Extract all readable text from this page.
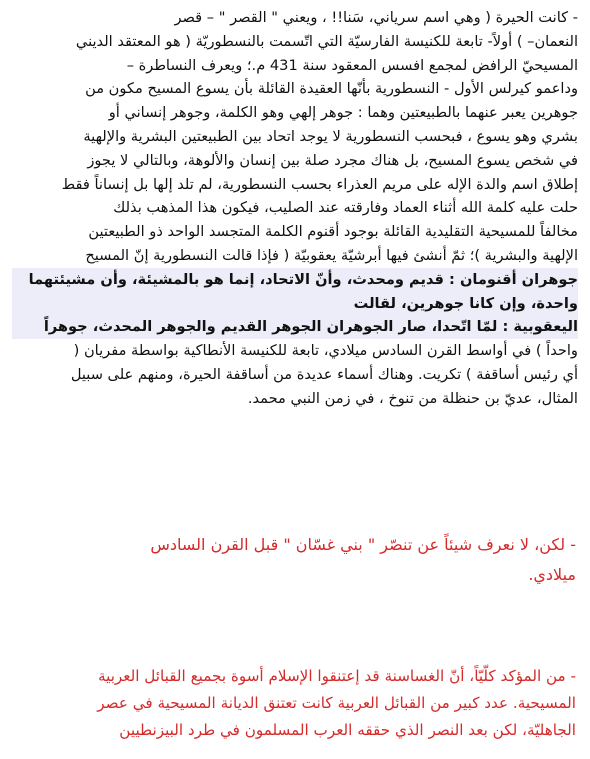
- كانت الحيرة ( وهي اسم سرياني، سَنا!! ، ويعني " القصر " – قصر
النعمان– ) أولاً- تابعة للكنيسة الفارسيّة التي اتّسمت بالنسطوريّة ( هو المعتقد الديني
المسيحيّ الرافض لمجمع افسس المعقود سنة 431 م.؛ ويعرف النساطرة –
وداعمو كيرلس الأول - النسطورية بأنّها العقيدة القائلة بأن يسوع المسيح مكون من
جوهرين يعبر عنهما بالطبيعتين وهما : جوهر إلهي وهو الكلمة، وجوهر إنساني أو
بشري وهو يسوع ، فبحسب النسطورية لا يوجد اتحاد بين الطبيعتين البشرية والإلهية
في شخص يسوع المسيح، بل هناك مجرد صلة بين إنسان والألوهة، وبالتالي لا يجوز
إطلاق اسم والدة الإله على مريم العذراء بحسب النسطورية، لم تلد إلها بل إنساناً فقط
حلت عليه كلمة الله أثناء العماد وفارقته عند الصليب، فيكون هذا المذهب بذلك
مخالفاً للمسيحية التقليدية القائلة بوجود أقنوم الكلمة المتجسد الواحد ذو الطبيعتين
الإلهية والبشرية )؛ ثمّ أنشئ فيها أبرشيّة يعقوبيّة ( فإذا قالت النسطورية إنّ المسيح
جوهران أقنومان : قديم ومحدث، وأنّ الاتحاد، إنما هو بالمشيئة، وأن مشيئتهما
واحدة، وإن كانا جوهرين، لقالت
اليعقوبية : لمّا اتّحدا، صار الجوهران الجوهر القديم والجوهر المحدث، جوهراً
واحداً ) في أواسط القرن السادس ميلادي، تابعة للكنيسة الأنطاكية بواسطة مفريان (
أي رئيس أساقفة ) تكريت. وهناك أسماء عديدة من أساقفة الحيرة، ومنهم على سبيل
المثال، عديّ بن حنظلة من تنوخ ، في زمن النبي محمد.

- لكن، لا نعرف شيئاً عن تنصّر " بني غسّان " قبل القرن السادس
ميلادي.

- من المؤكد كلّيّاً، أنّ الغساسنة قد إعتنقوا الإسلام أسوة بجميع القبائل العربية
المسيحية. عدد كبير من القبائل العربية كانت تعتنق الديانة المسيحية في عصر
الجاهليّة، لكن بعد النصر الذي حققه العرب المسلمون في طرد البيزنطيين
